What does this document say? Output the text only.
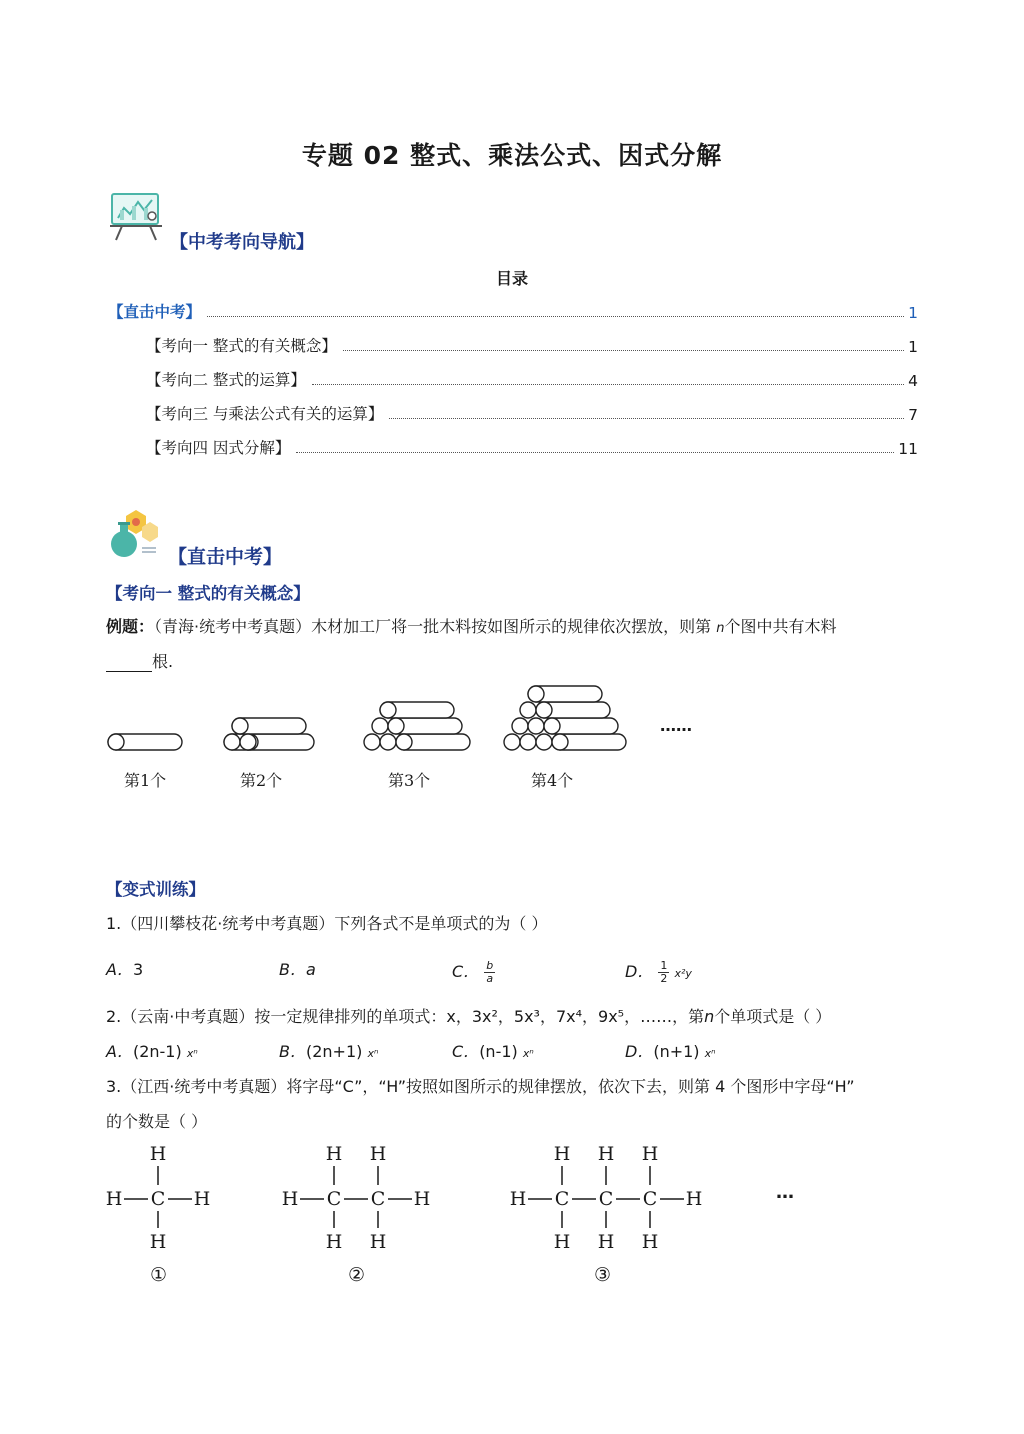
专题 02 整式、乘法公式、因式分解
【中考考向导航】
目录
【直击中考】	1
【考向一 整式的有关概念】	1
【考向二 整式的运算】	4
【考向三 与乘法公式有关的运算】	7
【考向四 因式分解】	11
【直击中考】
【考向一 整式的有关概念】
例题：（青海·统考中考真题）木材加工厂将一批木料按如图所示的规律依次摆放，则第 n个图中共有木料
根.
……
第1个	第2个	第3个	第4个
【变式训练】
1.（四川攀枝花·统考中考真题）下列各式不是单项式的为（ ）
A．3	B．a	C． $\frac{b}{a}$	D． $\frac{1}{2} x^2y$
2.（云南·中考真题）按一定规律排列的单项式：x，3x²，5x³，7x⁴，9x⁵，……，第n个单项式是（ ）
A．(2n-1) xⁿ	B．(2n+1) xⁿ	C．(n-1) xⁿ	D．(n+1) xⁿ
3.（江西·统考中考真题）将字母“C”，“H”按照如图所示的规律摆放，依次下去，则第 4 个图形中字母“H”
的个数是（ ）
H C
H
H
H	H C
H
H
C
H
H
H	H C
H
H
C
H
H
C
H
H
H	…
①	②	③
